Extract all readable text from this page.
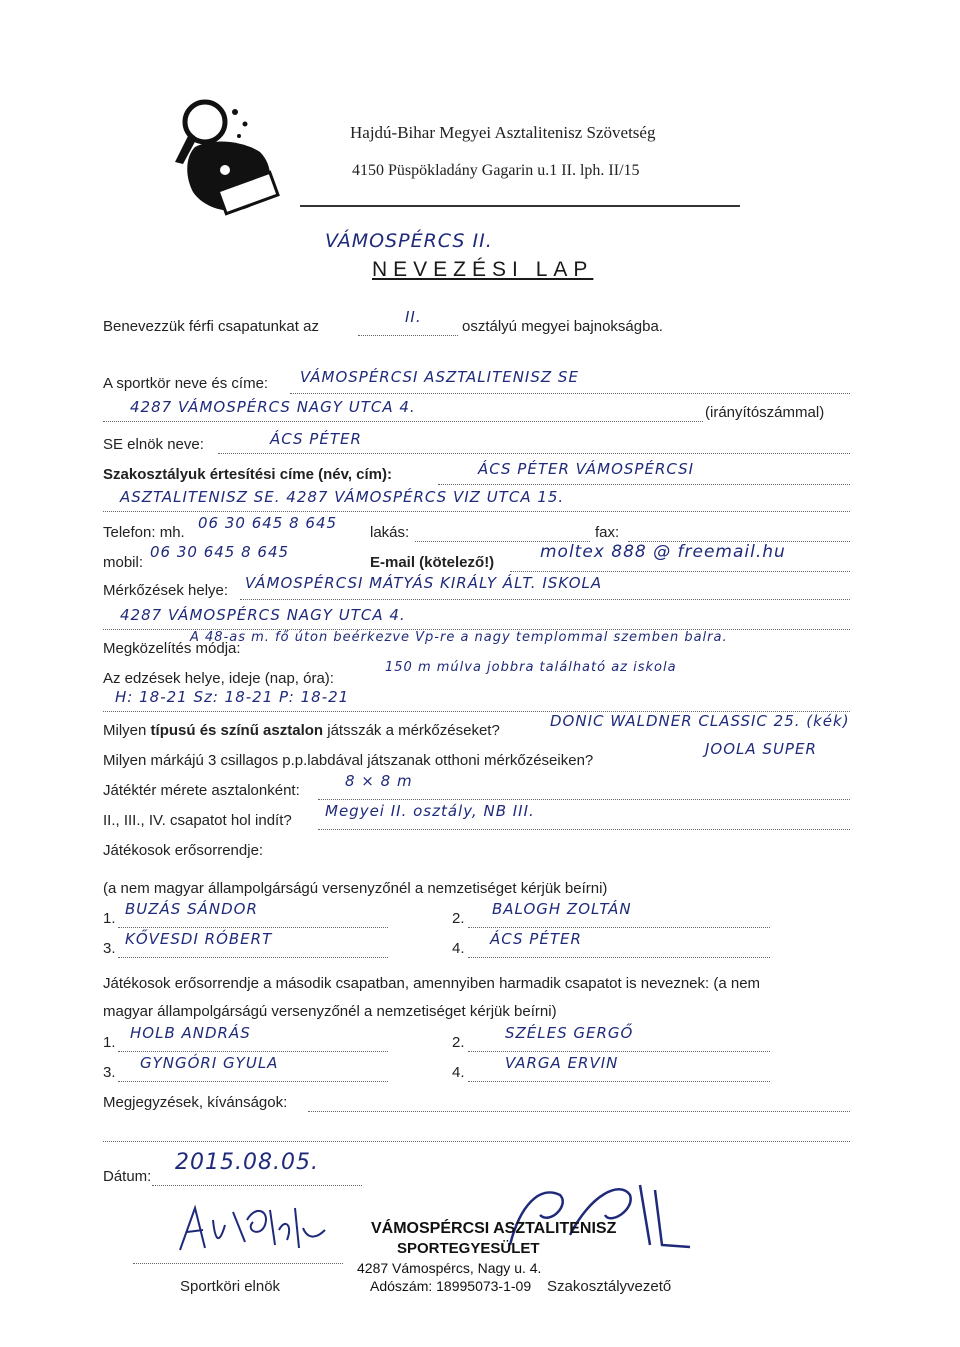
Hajdú-Bihar Megyei Asztalitenisz Szövetség
4150 Püspökladány Gagarin u.1 II. lph. II/15
VÁMOSPÉRCS II.
NEVEZÉSI LAP
Benevezzük férfi csapatunkat az
II.
osztályú megyei bajnokságba.
A sportkör neve és címe: VÁMOSPÉRCSI ASZTALITENISZ SE
4287 VÁMOSPÉRCS NAGY UTCA 4.	(irányítószámmal)
SE elnök neve:	ÁCS PÉTER
Szakosztályuk értesítési címe (név, cím):	ÁCS PÉTER VÁMOSPÉRCSI
ASZTALITENISZ SE. 4287 VÁMOSPÉRCS VIZ UTCA 15.
Telefon: mh.
06 30 645 8 645
lakás:	fax:
mobil:
06 30 645 8 645
E-mail (kötelező!)
moltex 888 @ freemail.hu
Mérkőzések helye: VÁMOSPÉRCSI MÁTYÁS KIRÁLY ÁLT. ISKOLA
4287 VÁMOSPÉRCS NAGY UTCA 4.
Megközelítés módja:
A 48-as m. fő úton beérkezve Vp-re a nagy templommal szemben balra.
Az edzések helye, ideje (nap, óra):
150 m múlva jobbra található az iskola
H: 18-21 Sz: 18-21 P: 18-21
Milyen típusú és színű asztalon játsszák a mérkőzéseket?
DONIC WALDNER CLASSIC 25. (kék)
Milyen márkájú 3 csillagos p.p.labdával játszanak otthoni mérkőzéseiken?
JOOLA SUPER
Játéktér mérete asztalonként:
8 × 8 m
II., III., IV. csapatot hol indít?
Megyei II. osztály, NB III.
Játékosok erősorrendje:
(a nem magyar állampolgárságú versenyzőnél a nemzetiséget kérjük beírni)
1.
BUZÁS SÁNDOR
2.
BALOGH ZOLTÁN
3.
KŐVESDI RÓBERT
4.
ÁCS PÉTER
Játékosok erősorrendje a második csapatban, amennyiben harmadik csapatot is neveznek: (a nem
magyar állampolgárságú versenyzőnél a nemzetiséget kérjük beírni)
1.
HOLB ANDRÁS
2.
SZÉLES GERGŐ
3.
GYNGÓRI GYULA
4.
VARGA ERVIN
Megjegyzések, kívánságok:
Dátum:
2015.08.05.
Sportköri elnök
VÁMOSPÉRCSI ASZTALITENISZ
SPORTEGYESÜLET
4287 Vámospércs, Nagy u. 4.
Adószám: 18995073-1-09 Szakosztályvezető
